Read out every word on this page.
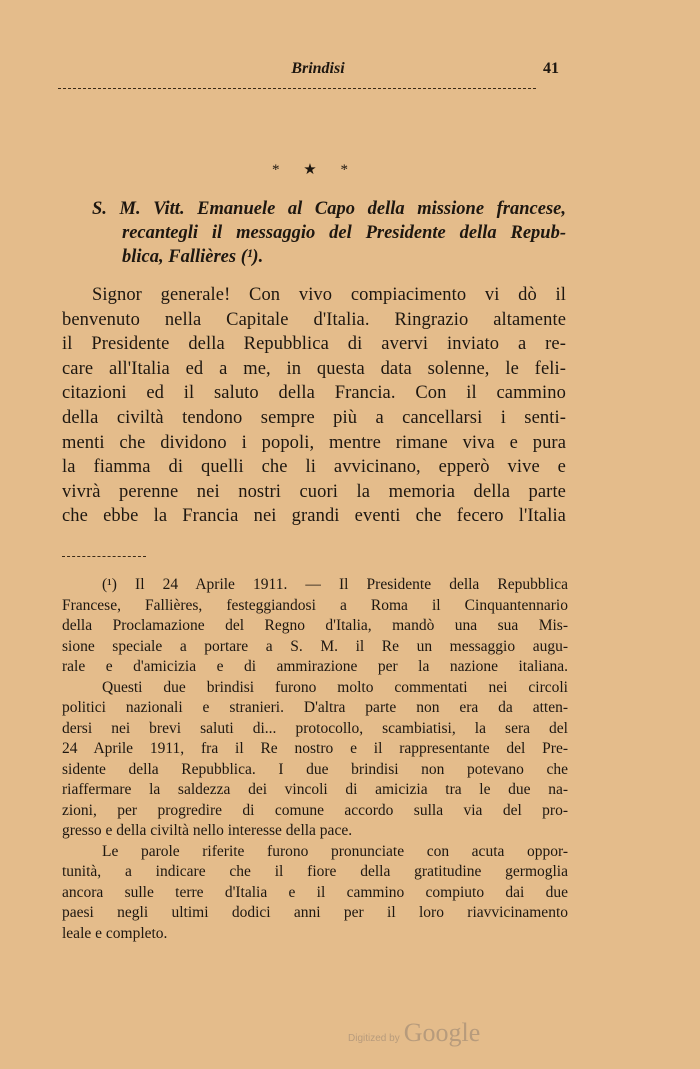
Brindisi	41
* ★ *
S. M. Vitt. Emanuele al Capo della missione francese,
recantegli il messaggio del Presidente della Repub-
blica, Fallières (¹).
Signor generale! Con vivo compiacimento vi dò il
benvenuto nella Capitale d'Italia. Ringrazio altamente
il Presidente della Repubblica di avervi inviato a re-
care all'Italia ed a me, in questa data solenne, le feli-
citazioni ed il saluto della Francia. Con il cammino
della civiltà tendono sempre più a cancellarsi i senti-
menti che dividono i popoli, mentre rimane viva e pura
la fiamma di quelli che li avvicinano, epperò vive e
vivrà perenne nei nostri cuori la memoria della parte
che ebbe la Francia nei grandi eventi che fecero l'Italia
(¹) Il 24 Aprile 1911. — Il Presidente della Repubblica
Francese, Fallières, festeggiandosi a Roma il Cinquantennario
della Proclamazione del Regno d'Italia, mandò una sua Mis-
sione speciale a portare a S. M. il Re un messaggio augu-
rale e d'amicizia e di ammirazione per la nazione italiana.
Questi due brindisi furono molto commentati nei circoli
politici nazionali e stranieri. D'altra parte non era da atten-
dersi nei brevi saluti di... protocollo, scambiatisi, la sera del
24 Aprile 1911, fra il Re nostro e il rappresentante del Pre-
sidente della Repubblica. I due brindisi non potevano che
riaffermare la saldezza dei vincoli di amicizia tra le due na-
zioni, per progredire di comune accordo sulla via del pro-
gresso e della civiltà nello interesse della pace.
Le parole riferite furono pronunciate con acuta oppor-
tunità, a indicare che il fiore della gratitudine germoglia
ancora sulle terre d'Italia e il cammino compiuto dai due
paesi negli ultimi dodici anni per il loro riavvicinamento
leale e completo.
Digitized by Google
